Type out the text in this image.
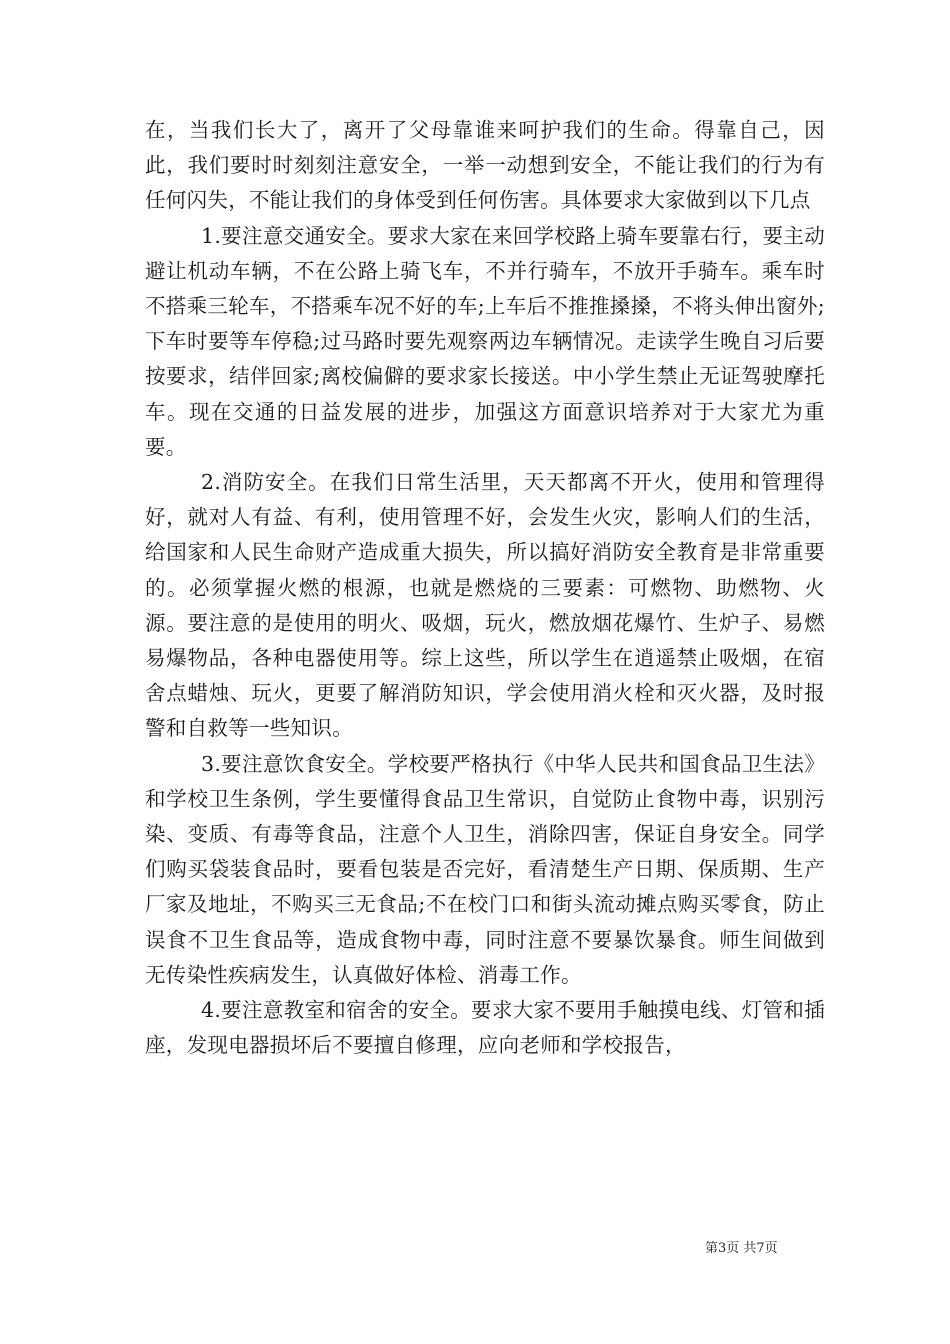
在，当我们长大了，离开了父母靠谁来呵护我们的生命。得靠自己，因此，我们要时时刻刻注意安全，一举一动想到安全，不能让我们的行为有任何闪失，不能让我们的身体受到任何伤害。具体要求大家做到以下几点

1.要注意交通安全。要求大家在来回学校路上骑车要靠右行，要主动避让机动车辆，不在公路上骑飞车，不并行骑车，不放开手骑车。乘车时不搭乘三轮车，不搭乘车况不好的车;上车后不推推搡搡，不将头伸出窗外;下车时要等车停稳;过马路时要先观察两边车辆情况。走读学生晚自习后要按要求，结伴回家;离校偏僻的要求家长接送。中小学生禁止无证驾驶摩托车。现在交通的日益发展的进步，加强这方面意识培养对于大家尤为重要。

2.消防安全。在我们日常生活里，天天都离不开火，使用和管理得好，就对人有益、有利，使用管理不好，会发生火灾，影响人们的生活，给国家和人民生命财产造成重大损失，所以搞好消防安全教育是非常重要的。必须掌握火燃的根源，也就是燃烧的三要素：可燃物、助燃物、火源。要注意的是使用的明火、吸烟，玩火，燃放烟花爆竹、生炉子、易燃易爆物品，各种电器使用等。综上这些，所以学生在逍遥禁止吸烟，在宿舍点蜡烛、玩火，更要了解消防知识，学会使用消火栓和灭火器，及时报警和自救等一些知识。

3.要注意饮食安全。学校要严格执行《中华人民共和国食品卫生法》和学校卫生条例，学生要懂得食品卫生常识，自觉防止食物中毒，识别污染、变质、有毒等食品，注意个人卫生，消除四害，保证自身安全。同学们购买袋装食品时，要看包装是否完好，看清楚生产日期、保质期、生产厂家及地址，不购买三无食品;不在校门口和街头流动摊点购买零食，防止误食不卫生食品等，造成食物中毒，同时注意不要暴饮暴食。师生间做到无传染性疾病发生，认真做好体检、消毒工作。

4.要注意教室和宿舍的安全。要求大家不要用手触摸电线、灯管和插座，发现电器损坏后不要擅自修理，应向老师和学校报告，

第3页 共7页
